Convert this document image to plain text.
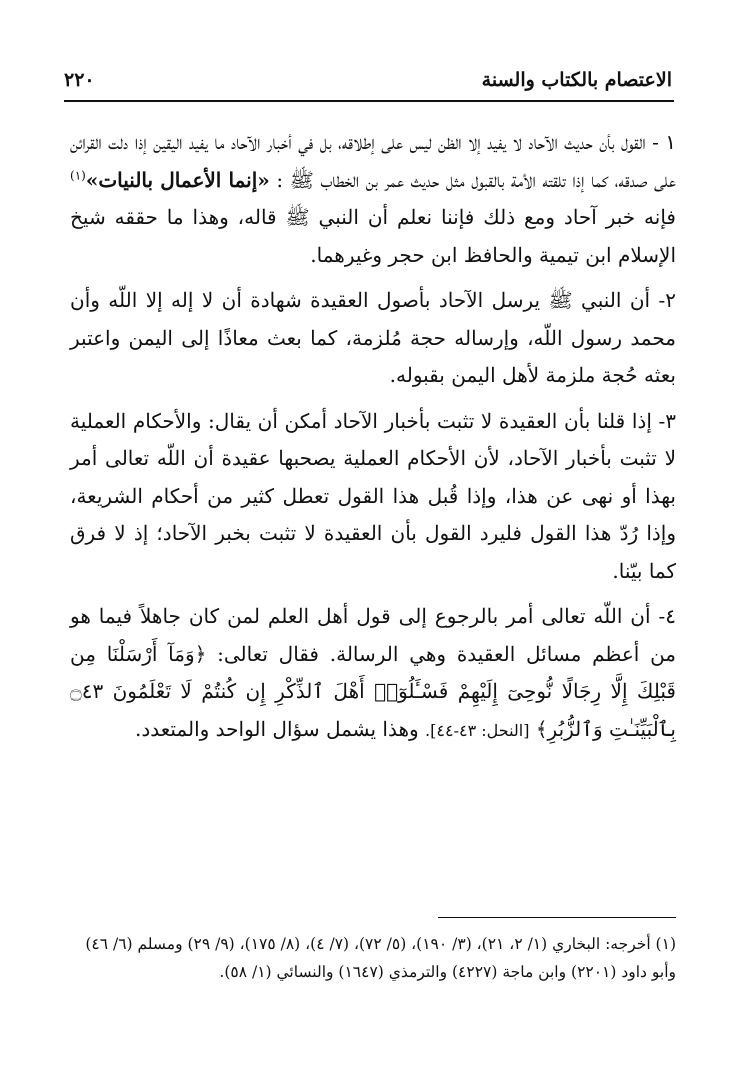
الاعتصام بالكتاب والسنة
٢٢٠

١ - القول بأن حديث الآحاد لا يفيد إلا الظن ليس على إطلاقه، بل في أخبار الآحاد ما يفيد اليقين إذا دلت القرائن على صدقه، كما إذا تلقته الأمة بالقبول مثل حديث عمر بن الخطاب ﷺ : «إنما الأعمال بالنيات»$^{(١)}$ فإنه خبر آحاد ومع ذلك فإننا نعلم أن النبي ﷺ قاله، وهذا ما حققه شيخ الإسلام ابن تيمية والحافظ ابن حجر وغيرهما.

٢- أن النبي ﷺ يرسل الآحاد بأصول العقيدة شهادة أن لا إله إلا اللّه وأن محمد رسول اللّه، وإرساله حجة مُلزمة، كما بعث معاذًا إلى اليمن واعتبر بعثه حُجة ملزمة لأهل اليمن بقبوله.

٣- إذا قلنا بأن العقيدة لا تثبت بأخبار الآحاد أمكن أن يقال: والأحكام العملية لا تثبت بأخبار الآحاد، لأن الأحكام العملية يصحبها عقيدة أن اللّه تعالى أمر بهذا أو نهى عن هذا، وإذا قُبل هذا القول تعطل كثير من أحكام الشريعة، وإذا رُدّ هذا القول فليرد القول بأن العقيدة لا تثبت بخبر الآحاد؛ إذ لا فرق كما بيّنا.

٤- أن اللّه تعالى أمر بالرجوع إلى قول أهل العلم لمن كان جاهلاً فيما هو من أعظم مسائل العقيدة وهي الرسالة. فقال تعالى: ﴿وَمَآ أَرْسَلْنَا مِن قَبْلِكَ إِلَّا رِجَالًا نُّوحِىٓ إِلَيْهِمْ فَسْـَٔلُوٓا۟ أَهْلَ ٱلذِّكْرِ إِن كُنتُمْ لَا تَعْلَمُونَ ۝٤٣ بِٱلْبَيِّنَـٰتِ وَٱلزُّبُرِ﴾ [النحل: ٤٣-٤٤]. وهذا يشمل سؤال الواحد والمتعدد.

(١) أخرجه: البخاري (١/ ٢، ٢١)، (٣/ ١٩٠)، (٥/ ٧٢)، (٧/ ٤)، (٨/ ١٧٥)، (٩/ ٢٩) ومسلم (٦/ ٤٦) وأبو داود (٢٢٠١) وابن ماجة (٤٢٢٧) والترمذي (١٦٤٧) والنسائي (١/ ٥٨).
